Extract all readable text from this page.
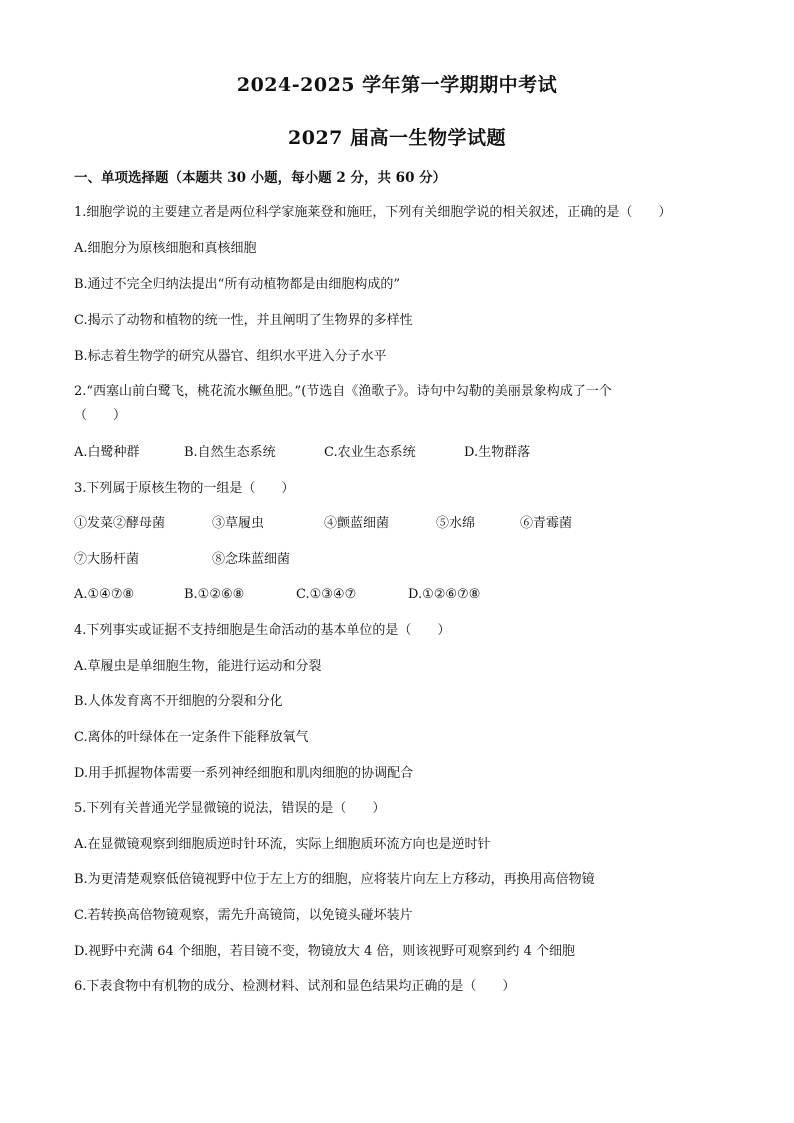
2024-2025 学年第一学期期中考试
2027 届高一生物学试题
一、单项选择题（本题共 30 小题，每小题 2 分，共 60 分）
1.细胞学说的主要建立者是两位科学家施莱登和施旺，下列有关细胞学说的相关叙述，正确的是（　　）
A.细胞分为原核细胞和真核细胞
B.通过不完全归纳法提出“所有动植物都是由细胞构成的”
C.揭示了动物和植物的统一性，并且阐明了生物界的多样性
B.标志着生物学的研究从器官、组织水平进入分子水平
2.“西塞山前白鹭飞，桃花流水鳜鱼肥。”(节选自《渔歌子》。诗句中勾勒的美丽景象构成了一个
（　　）
A.白鹭种群	B.自然生态系统	C.农业生态系统	D.生物群落
3.下列属于原核生物的一组是（　　）
①发菜②酵母菌	③草履虫	④颤蓝细菌	⑤水绵	⑥青霉菌
⑦大肠杆菌	⑧念珠蓝细菌
A.①④⑦⑧	B.①②⑥⑧	C.①③④⑦	D.①②⑥⑦⑧
4.下列事实或证据不支持细胞是生命活动的基本单位的是（　　）
A.草履虫是单细胞生物，能进行运动和分裂
B.人体发育离不开细胞的分裂和分化
C.离体的叶绿体在一定条件下能释放氧气
D.用手抓握物体需要一系列神经细胞和肌肉细胞的协调配合
5.下列有关普通光学显微镜的说法，错误的是（　　）
A.在显微镜观察到细胞质逆时针环流，实际上细胞质环流方向也是逆时针
B.为更清楚观察低倍镜视野中位于左上方的细胞，应将装片向左上方移动，再换用高倍物镜
C.若转换高倍物镜观察，需先升高镜筒，以免镜头碰坏装片
D.视野中充满 64 个细胞，若目镜不变，物镜放大 4 倍，则该视野可观察到约 4 个细胞
6.下表食物中有机物的成分、检测材料、试剂和显色结果均正确的是（　　）
